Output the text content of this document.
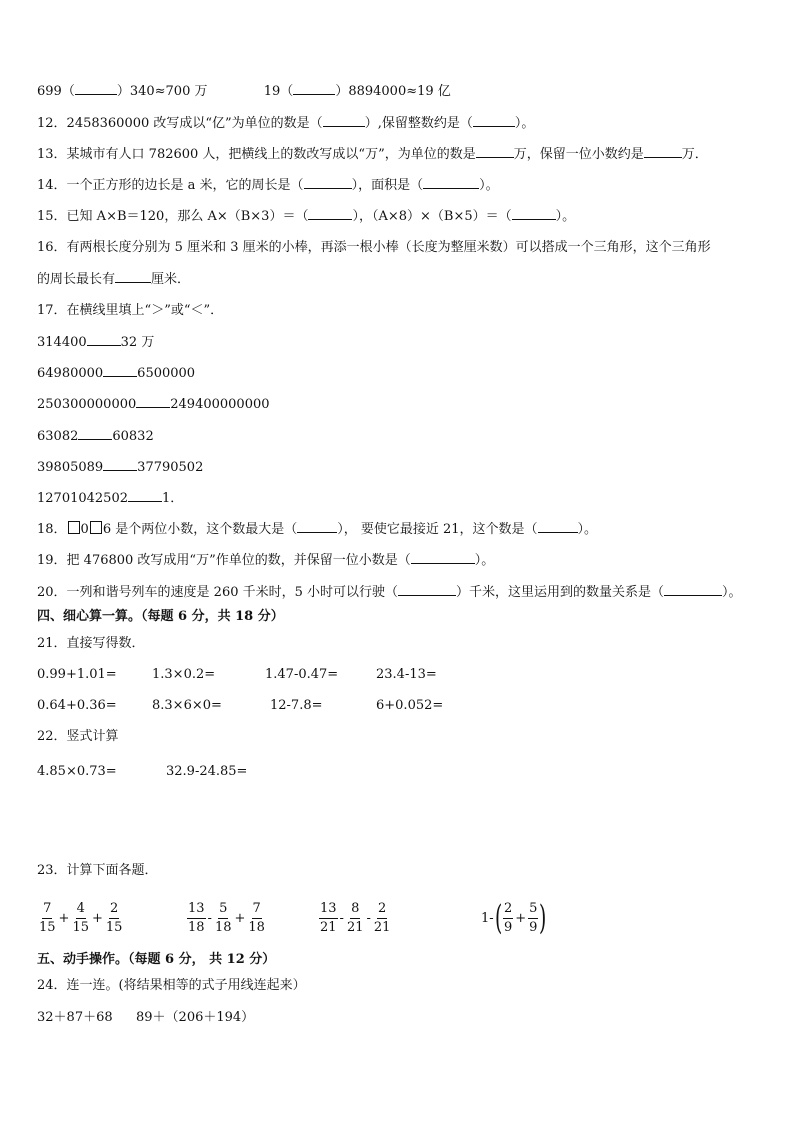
699（	）340≈700 万	19（	）8894000≈19 亿
12．2458360000 改写成以“亿”为单位的数是（	）,保留整数约是（	）。
13．某城市有人口 782600 人，把横线上的数改写成以“万”，为单位的数是	万，保留一位小数约是	万．
14．一个正方形的边长是 a 米，它的周长是（	），面积是（	）。
15．已知 A×B＝120，那么 A×（B×3）＝（	），（A×8）×（B×5）＝（	）。
16．有两根长度分别为 5 厘米和 3 厘米的小棒，再添一根小棒（长度为整厘米数）可以搭成一个三角形，这个三角形
的周长最长有	厘米．
17．在横线里填上“＞”或“＜”．
314400	32 万
64980000	6500000
250300000000	249400000000
63082	60832
39805089	37790502
12701042502	1．
18． 0 6 是个两位小数，这个数最大是（	）， 要使它最接近 21，这个数是（	）。
19．把 476800 改写成用“万”作单位的数，并保留一位小数是（	）。
20．一列和谐号列车的速度是 260 千米时，5 小时可以行驶（	）千米，这里运用到的数量关系是（	）。
四、细心算一算。（每题 6 分，共 18 分）
21．直接写得数．
0.99+1.01=	1.3×0.2=	1.47-0.47=	23.4-13=
0.64+0.36=	8.3×6×0=	12-7.8=	6+0.052=
22．竖式计算
4.85×0.73=	32.9-24.85=
23．计算下面各题．
$\frac{7}{15} + \frac{4}{15} + \frac{2}{15}$	$\frac{13}{18} - \frac{5}{18} + \frac{7}{18}$	$\frac{13}{21} - \frac{8}{21} - \frac{2}{21}$	1- ( $\frac{2}{9} + \frac{5}{9}$ )
五、动手操作。（每题 6 分， 共 12 分）
24．连一连。(将结果相等的式子用线连起来）
32＋87＋68 89＋（206＋194）
